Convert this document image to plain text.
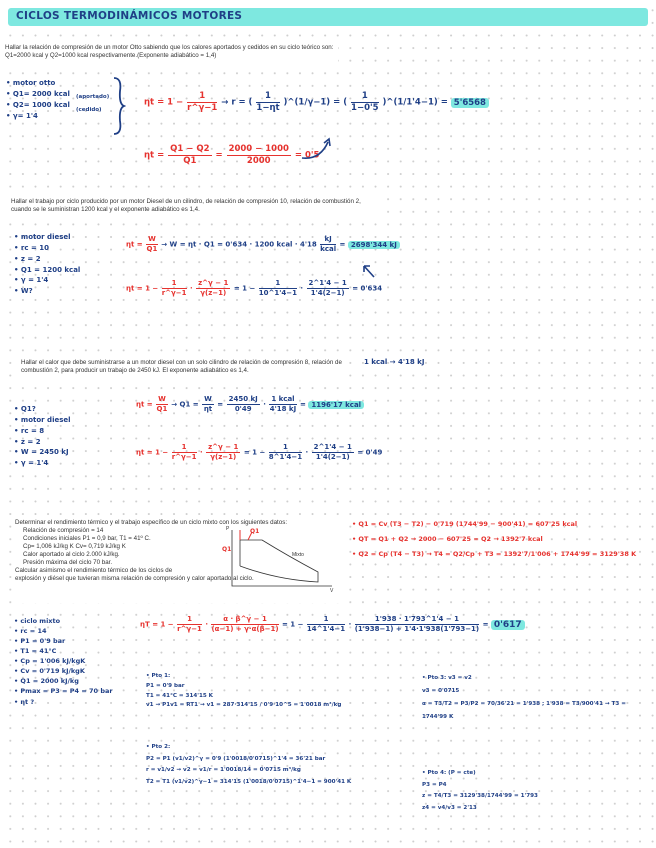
CICLOS TERMODINÁMICOS MOTORES
Hallar la relación de compresión de un motor Otto sabiendo que los calores aportados y cedidos en su ciclo teórico son: Q1=2000 kcal y Q2=1000 kcal respectivamente.(Exponente adiabático = 1,4)
• motor otto
• Q1= 2000 kcal
• Q2= 1000 kcal
• γ= 1'4
(aportado)
(cedido)
$\eta t = 1 - \frac{1}{r\^{}\gamma-1} \to r$ = ( $\frac{1}{1-\eta t}$ )^(1/γ−1) = ( $\frac{1}{1-0'5}$ )^(1/1'4−1) = 5'6568
$\eta t = \frac{Q1 - Q2}{Q1} = \frac{2000 - 1000}{2000} = 0'5$
Hallar el trabajo por ciclo producido por un motor Diesel de un cilindro, de relación de compresión 10, relación de combustión 2, cuando se le suministran 1200 kcal y el exponente adiabático es 1,4.
• motor diesel
• rc = 10
• z = 2
• Q1 = 1200 kcal
• γ = 1'4
• W?
$\eta t = \frac{W}{Q1} \to W = \eta t \cdot Q1 = 0'634 \cdot 1200$ kcal · $4'18 \frac{kJ}{\text{kcal}} = 2698'344$ kJ
$\eta t = 1 - \frac{1}{r\^{}\gamma-1} \cdot \frac{z\^{}\gamma - 1}{\gamma(z-1)} = 1 - \frac{1}{10\^{}1'4-1} \cdot \frac{2\^{}1'4 - 1}{1'4(2-1)} = 0'634$
Hallar el calor que debe suministrarse a un motor diesel con un solo cilindro de relación de compresión 8, relación de combustión 2, para producir un trabajo de 2450 kJ. El exponente adiabático es 1,4.
1 kcal → 4'18 kJ
• Q1?
• motor diesel
• rc = 8
• z = 2
• W = 2450 kJ
• γ = 1'4
$\eta t = \frac{W}{Q1} \to Q1 = \frac{W}{\eta t} = \frac{2450 kJ}{0'49} \cdot \frac{\text{1 kcal}}{4'18 kJ} = 1196'17$ kcal
$\eta t = 1 - \frac{1}{r\^{}\gamma-1} \cdot \frac{z\^{}\gamma - 1}{\gamma(z-1)} = 1 - \frac{1}{8\^{}1'4-1} \cdot \frac{2\^{}1'4 - 1}{1'4(2-1)} = 0'49$
Determinar el rendimiento térmico y el trabajo específico de un ciclo mixto con los siguientes datos:
Relación de compresión = 14
Condiciones iniciales P1 = 0,9 bar, T1 = 41º C.
Cp= 1,006 kJ/kg K Cv= 0,719 kJ/kg K
Calor aportado al ciclo 2.000 kJ/kg.
Presión máxima del ciclo 70 bar.
Calcular asimismo el rendimiento térmico de los ciclos de
explosión y diésel que tuvieran misma relación de compresión y calor aportado al ciclo.
Q1
Q1
Mixto
V
P
• Q1 = Cv (T3 − T2) − 0'719 (1744'99 − 900'41) = 607'25 kcal
• QT = Q1 + Q2 → 2000 − 607'25 = Q2 → 1392'7 kcal
• Q2 = Cp (T4 − T3) → T4 = Q2/Cp + T3 = 1392'7/1'006 + 1744'99 = 3129'38 K
• ciclo mixto
• rc = 14
• P1 = 0'9 bar
• T1 = 41°C
• Cp = 1'006 kJ/kgK
• Cv = 0'719 kJ/kgK
• Q1 = 2000 kJ/kg
• Pmax = P3 = P4 = 70 bar
• ηt ?
$\eta T = 1 - \frac{1}{r\^{}\gamma-1} \cdot \frac{\alpha \cdot \beta\^{}\gamma - 1}{(\alpha-1) + \gamma\cdot\alpha(\beta-1)} = 1 - \frac{1}{14\^{}1'4-1} \cdot \frac{1'938 \cdot 1'793\^{}1'4 - 1}{(1'938-1) + 1'4\cdot 1'938(1'793-1)} = 0'617$
• Pto 1:
P1 = 0'9 bar
T1 = 41°C = 314'15 K
v1 → P1v1 = RT1 → v1 = 287·314'15 / 0'9·10^5 = 1'0018 m³/kg
• Pto 2:
P2 = P1 (v1/v2)^γ = 0'9 (1'0018/0'0715)^1'4 = 36'21 bar
r = v1/v2 → v2 = v1/r = 1'0018/14 = 0'0715 m³/kg
T2 = T1 (v1/v2)^γ−1 = 314'15 (1'0018/0'0715)^1'4−1 = 900'41 K
• Pto 3: v3 = v2
v3 = 0'0715
α = T3/T2 = P3/P2 = 70/36'21 = 1'938 ; 1'938 = T3/900'41 → T3 = 1744'99 K
• Pto 4: (P = cte)
P3 = P4
z = T4/T3 = 3129'38/1744'99 = 1'793
z4 = v4/v3 = 2'13
